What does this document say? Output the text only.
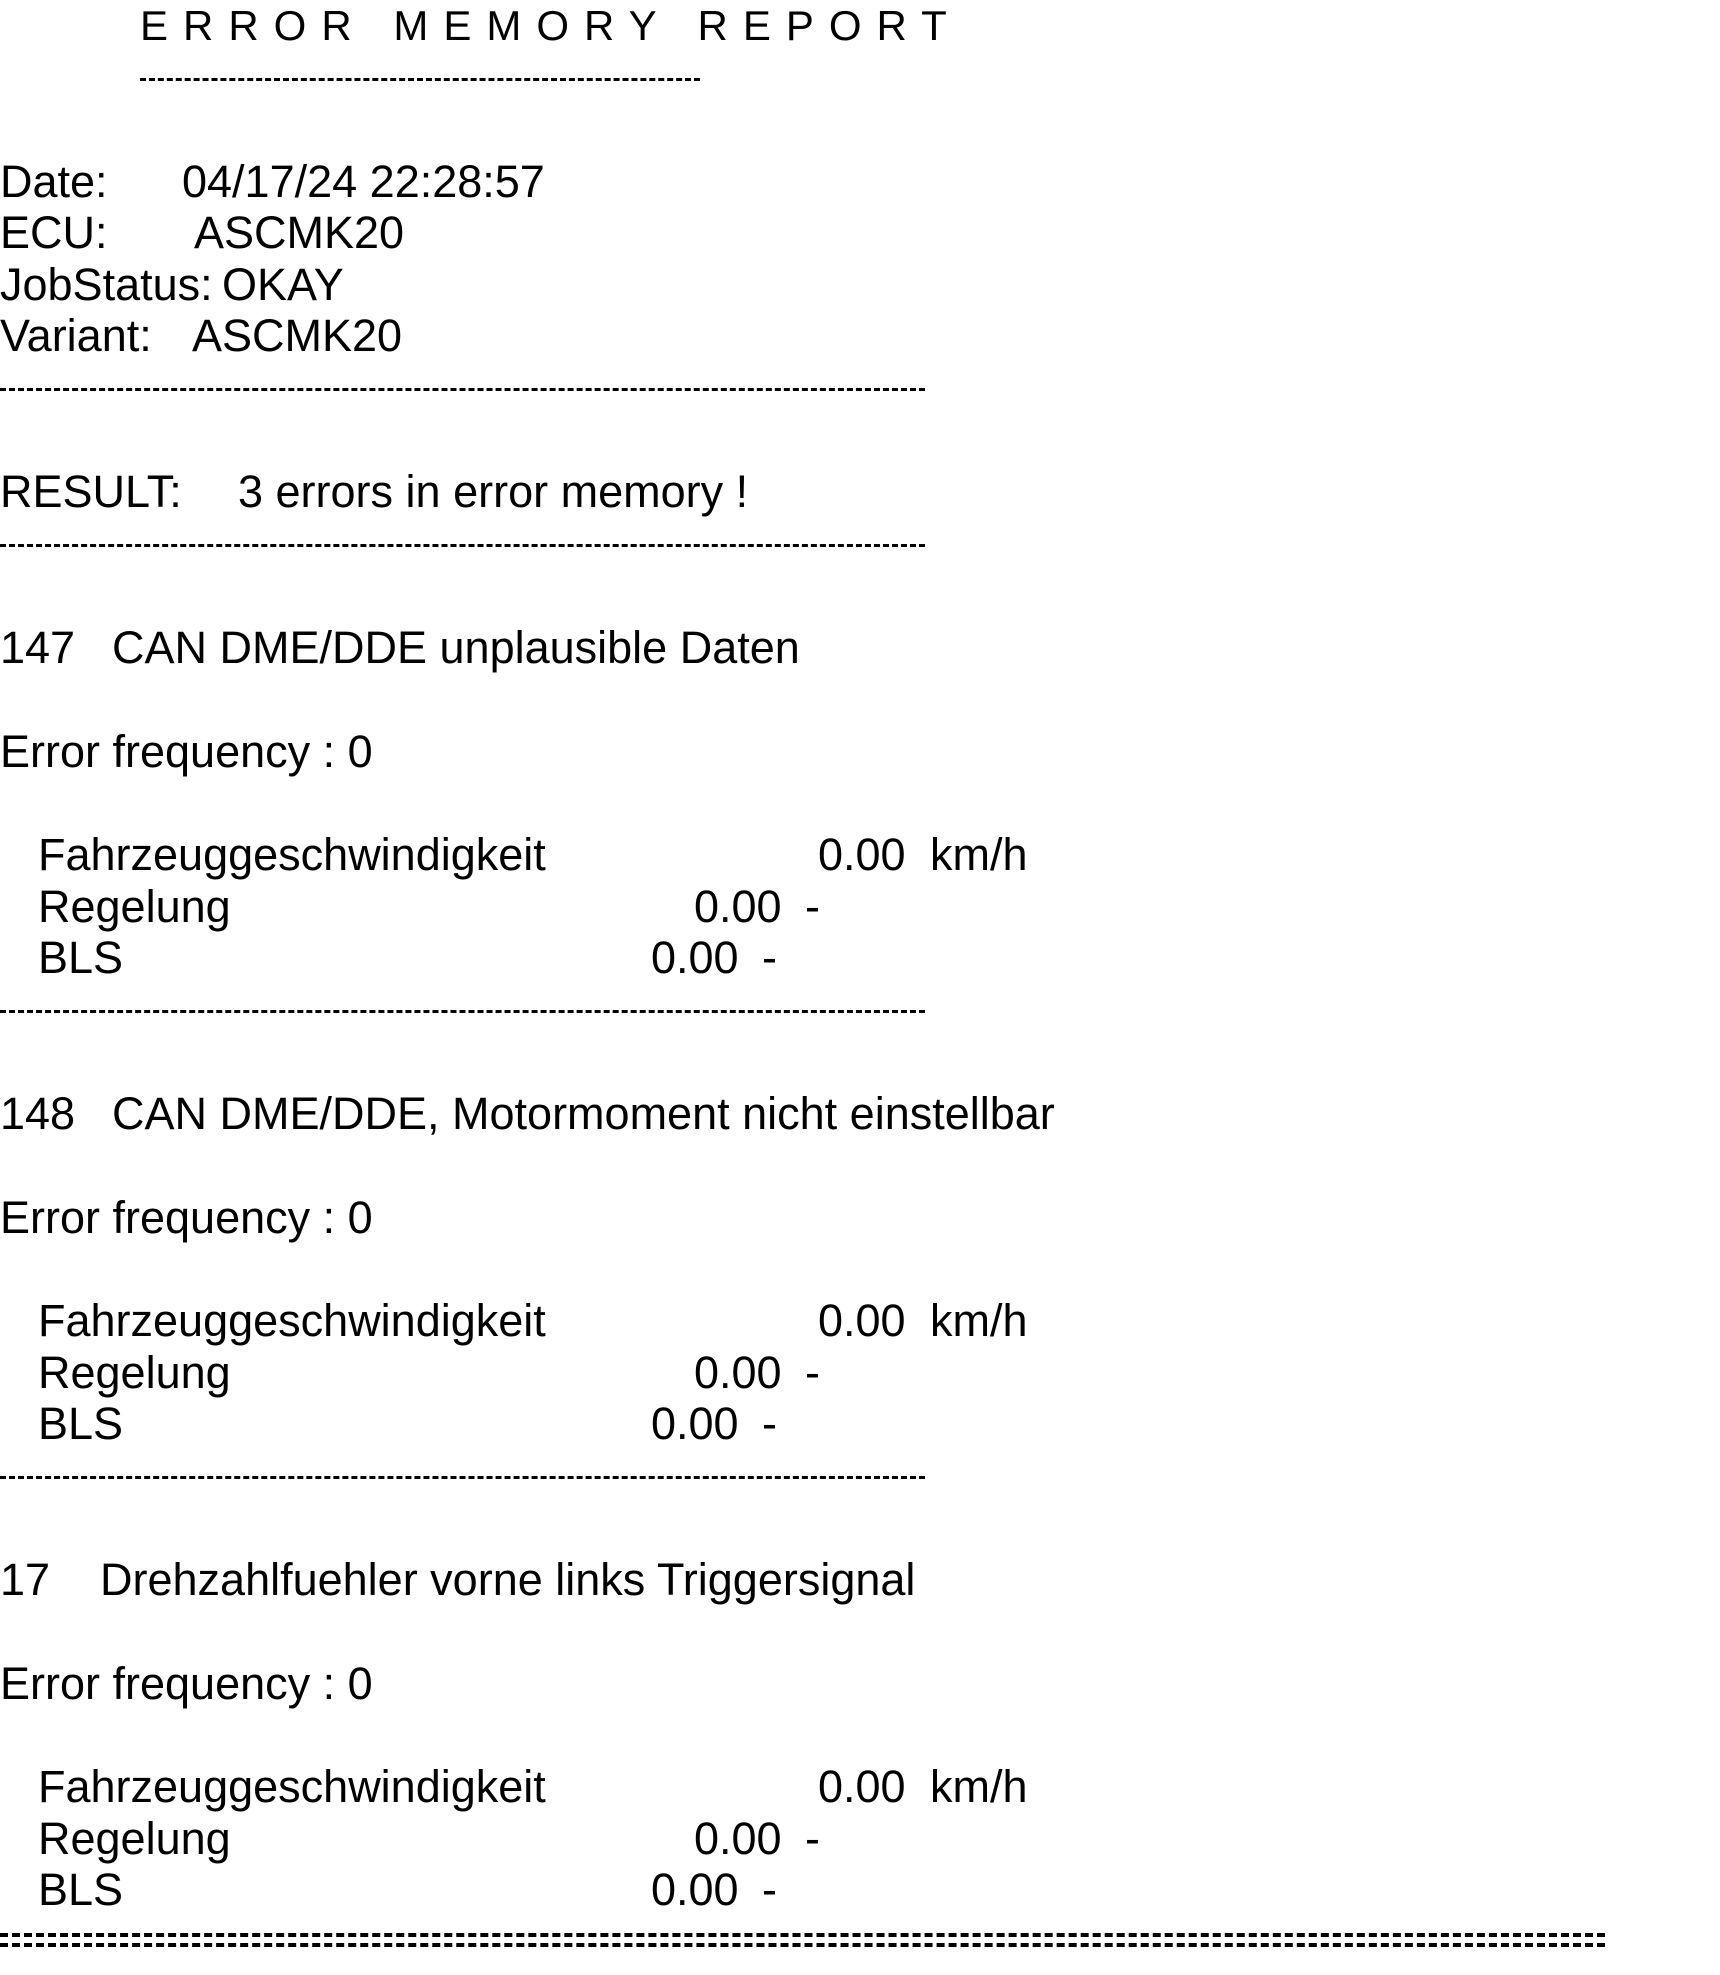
ERROR MEMORY REPORT
Date: 04/17/24 22:28:57
ECU: ASCMK20
JobStatus: OKAY
Variant: ASCMK20
RESULT: 3 errors in error memory !
147 CAN DME/DDE unplausible Daten
Error frequency : 0
Fahrzeuggeschwindigkeit	0.00 km/h
Regelung	0.00 -
BLS	0.00 -
148 CAN DME/DDE, Motormoment nicht einstellbar
Error frequency : 0
Fahrzeuggeschwindigkeit	0.00 km/h
Regelung	0.00 -
BLS	0.00 -
17 Drehzahlfuehler vorne links Triggersignal
Error frequency : 0
Fahrzeuggeschwindigkeit	0.00 km/h
Regelung	0.00 -
BLS	0.00 -
